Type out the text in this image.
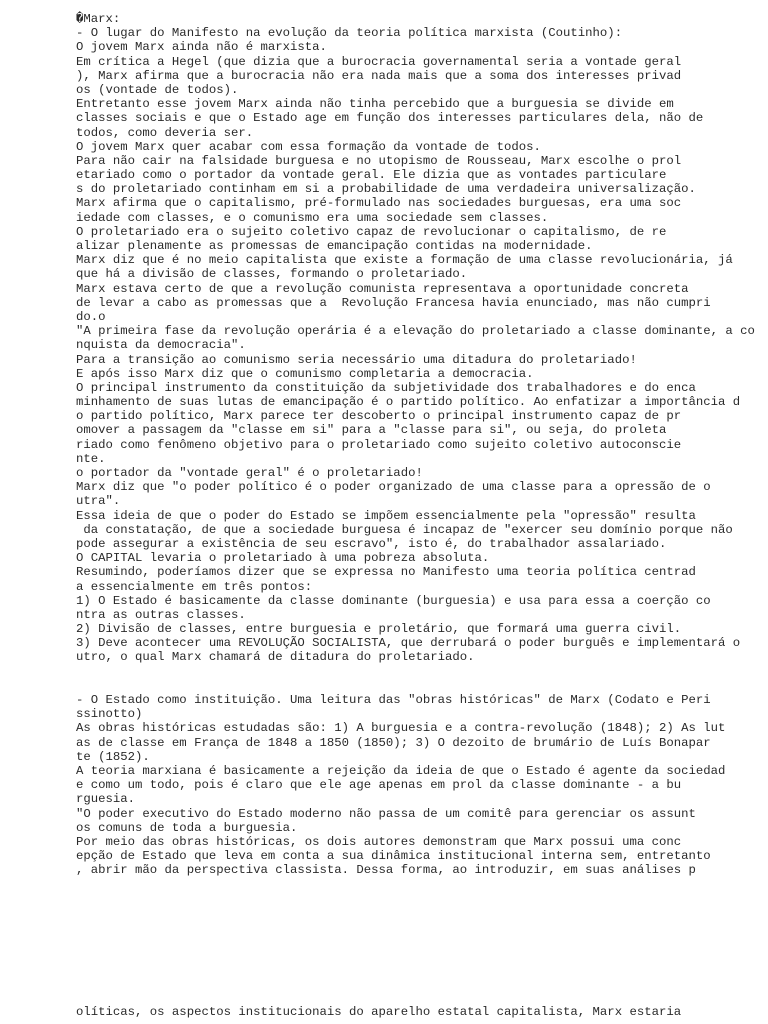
�Marx:
- O lugar do Manifesto na evolução da teoria política marxista (Coutinho):
O jovem Marx ainda não é marxista.
Em crítica a Hegel (que dizia que a burocracia governamental seria a vontade geral
), Marx afirma que a burocracia não era nada mais que a soma dos interesses privad
os (vontade de todos).
Entretanto esse jovem Marx ainda não tinha percebido que a burguesia se divide em
classes sociais e que o Estado age em função dos interesses particulares dela, não de
todos, como deveria ser.
O jovem Marx quer acabar com essa formação da vontade de todos.
Para não cair na falsidade burguesa e no utopismo de Rousseau, Marx escolhe o prol
etariado como o portador da vontade geral. Ele dizia que as vontades particulare
s do proletariado continham em si a probabilidade de uma verdadeira universalização.
Marx afirma que o capitalismo, pré-formulado nas sociedades burguesas, era uma soc
iedade com classes, e o comunismo era uma sociedade sem classes.
O proletariado era o sujeito coletivo capaz de revolucionar o capitalismo, de re
alizar plenamente as promessas de emancipação contidas na modernidade.
Marx diz que é no meio capitalista que existe a formação de uma classe revolucionária, já
que há a divisão de classes, formando o proletariado.
Marx estava certo de que a revolução comunista representava a oportunidade concreta
de levar a cabo as promessas que a  Revolução Francesa havia enunciado, mas não cumpri
do.o
"A primeira fase da revolução operária é a elevação do proletariado a classe dominante, a co
nquista da democracia".
Para a transição ao comunismo seria necessário uma ditadura do proletariado!
E após isso Marx diz que o comunismo completaria a democracia.
O principal instrumento da constituição da subjetividade dos trabalhadores e do enca
minhamento de suas lutas de emancipação é o partido político. Ao enfatizar a importância d
o partido político, Marx parece ter descoberto o principal instrumento capaz de pr
omover a passagem da "classe em si" para a "classe para si", ou seja, do proleta
riado como fenômeno objetivo para o proletariado como sujeito coletivo autoconscie
nte.
o portador da "vontade geral" é o proletariado!
Marx diz que "o poder político é o poder organizado de uma classe para a opressão de o
utra".
Essa ideia de que o poder do Estado se impõem essencialmente pela "opressão" resulta
da constatação, de que a sociedade burguesa é incapaz de "exercer seu domínio porque não
pode assegurar a existência de seu escravo", isto é, do trabalhador assalariado.
O CAPITAL levaria o proletariado à uma pobreza absoluta.
Resumindo, poderíamos dizer que se expressa no Manifesto uma teoria política centrad
a essencialmente em três pontos:
1) O Estado é basicamente da classe dominante (burguesia) e usa para essa a coerção co
ntra as outras classes.
2) Divisão de classes, entre burguesia e proletário, que formará uma guerra civil.
3) Deve acontecer uma REVOLUÇÃO SOCIALISTA, que derrubará o poder burguês e implementará o
utro, o qual Marx chamará de ditadura do proletariado.
- O Estado como instituição. Uma leitura das "obras históricas" de Marx (Codato e Peri
ssinotto)
As obras históricas estudadas são: 1) A burguesia e a contra-revolução (1848); 2) As lut
as de classe em França de 1848 a 1850 (1850); 3) O dezoito de brumário de Luís Bonapar
te (1852).
A teoria marxiana é basicamente a rejeição da ideia de que o Estado é agente da sociedad
e como um todo, pois é claro que ele age apenas em prol da classe dominante - a bu
rguesia.
"O poder executivo do Estado moderno não passa de um comitê para gerenciar os assunt
os comuns de toda a burguesia.
Por meio das obras históricas, os dois autores demonstram que Marx possui uma conc
epção de Estado que leva em conta a sua dinâmica institucional interna sem, entretanto
, abrir mão da perspectiva classista. Dessa forma, ao introduzir, em suas análises p
olíticas, os aspectos institucionais do aparelho estatal capitalista, Marx estaria
